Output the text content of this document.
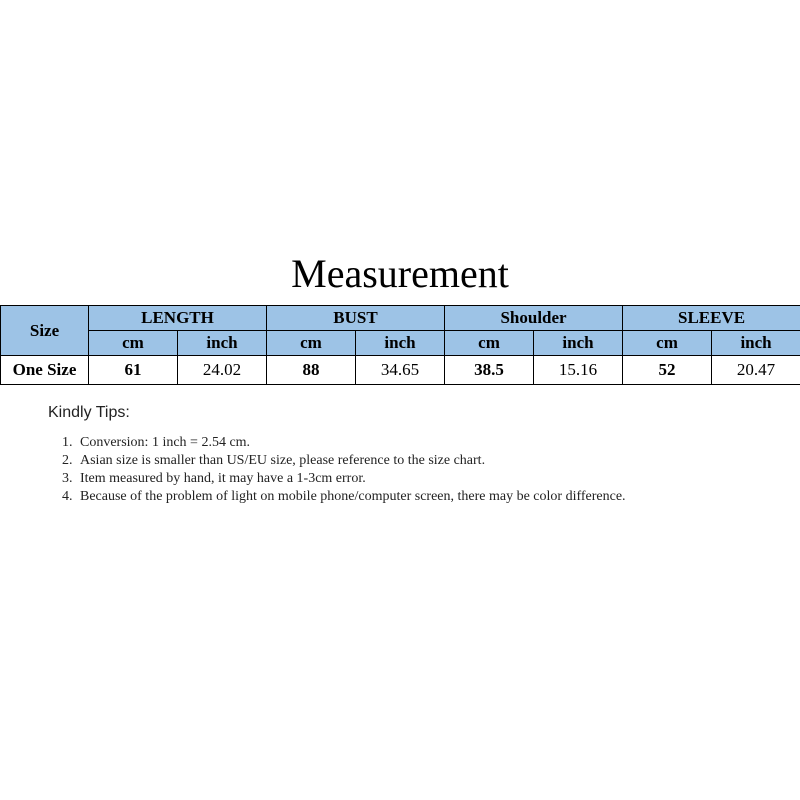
Measurement
Size	LENGTH		BUST		Shoulder		SLEEVE	
	cm	inch	cm	inch	cm	inch	cm	inch
One Size	61	24.02	88	34.65	38.5	15.16	52	20.47
Kindly Tips:
1. Conversion: 1 inch = 2.54 cm.
2. Asian size is smaller than US/EU size, please reference to the size chart.
3. Item measured by hand, it may have a 1-3cm error.
4. Because of the problem of light on mobile phone/computer screen, there may be color difference.
